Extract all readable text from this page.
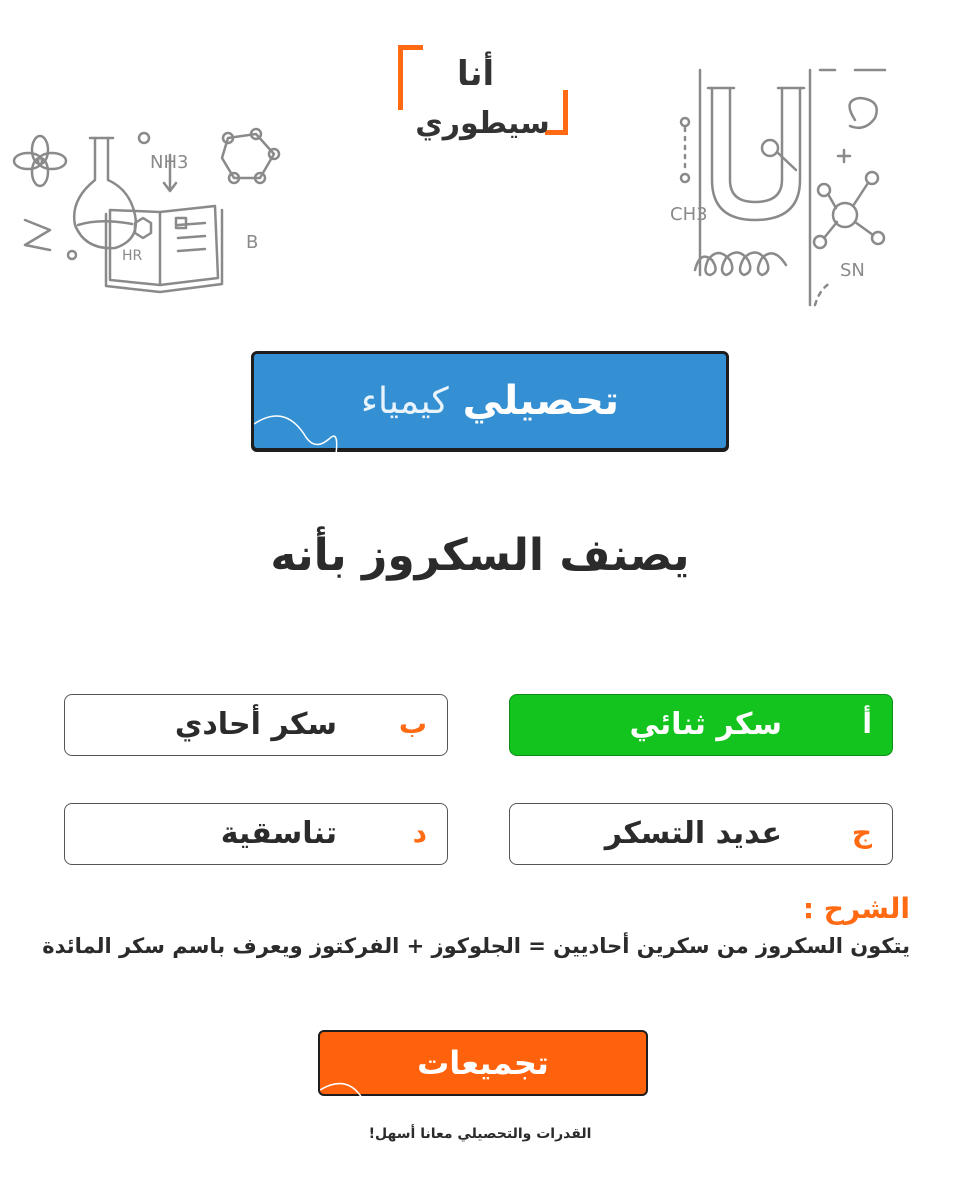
أنا
سيطوري
NH3
HR
B
CH3
SN
تحصيلي
كيمياء
يصنف السكروز بأنه
أ
سكر ثنائي
ب
سكر أحادي
ج
عديد التسكر
د
تناسقية
الشرح :
يتكون السكروز من سكرين أحاديين = الجلوكوز + الفركتوز ويعرف باسم سكر المائدة
تجميعات
القدرات والتحصيلي معانا أسهل!
